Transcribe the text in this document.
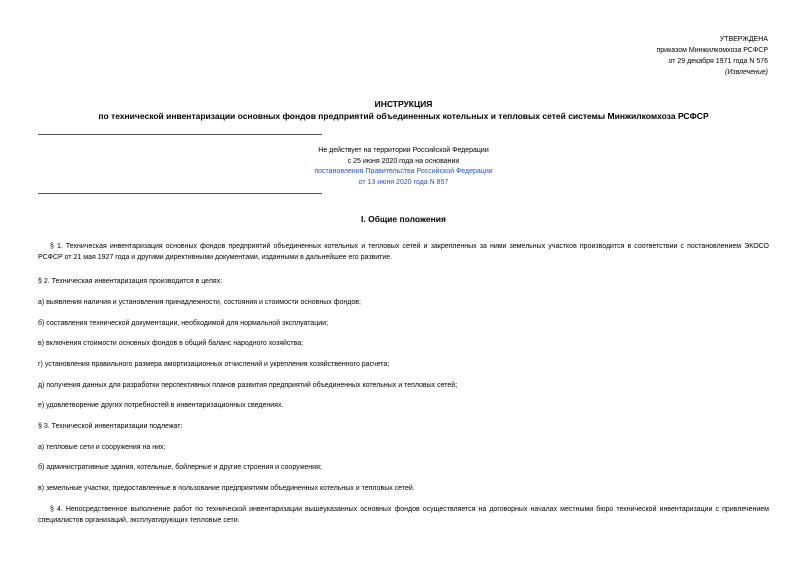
УТВЕРЖДЕНА
приказом Минжилкомхоза РСФСР
от 29 декабря 1971 года N 576
(Извлечение)
ИНСТРУКЦИЯ
по технической инвентаризации основных фондов предприятий объединенных котельных и тепловых сетей системы Минжилкомхоза РСФСР
Не действует на территории Российской Федерации
с 25 июня 2020 года на основании
постановления Правительства Российской Федерации
от 13 июня 2020 года N 857
I. Общие положения
§ 1. Техническая инвентаризация основных фондов предприятий объединенных котельных и тепловых сетей и закрепленных за ними земельных участков производится в соответствии с постановлением ЭКОСО РСФСР от 21 мая 1927 года и другими директивными документами, изданными в дальнейшее его развитие.
§ 2. Техническая инвентаризация производится в целях:
а) выявления наличия и установления принадлежности, состояния и стоимости основных фондов;
б) составления технической документации, необходимой для нормальной эксплуатации;
в) включения стоимости основных фондов в общий баланс народного хозяйства;
г) установления правильного размера амортизационных отчислений и укрепления хозяйственного расчета;
д) получения данных для разработки перспективных планов развития предприятий объединенных котельных и тепловых сетей;
е) удовлетворение других потребностей в инвентаризационных сведениях.
§ 3. Технической инвентаризации подлежат:
а) тепловые сети и сооружения на них;
б) административные здания, котельные, бойлерные и другие строения и сооружения;
в) земельные участки, предоставленные в пользование предприятиям объединенных котельных и тепловых сетей.
§ 4. Непосредственное выполнение работ по технической инвентаризации вышеуказанных основных фондов осуществляется на договорных началах местными бюро технической инвентаризации с привлечением специалистов организаций, эксплуатирующих тепловые сети.
